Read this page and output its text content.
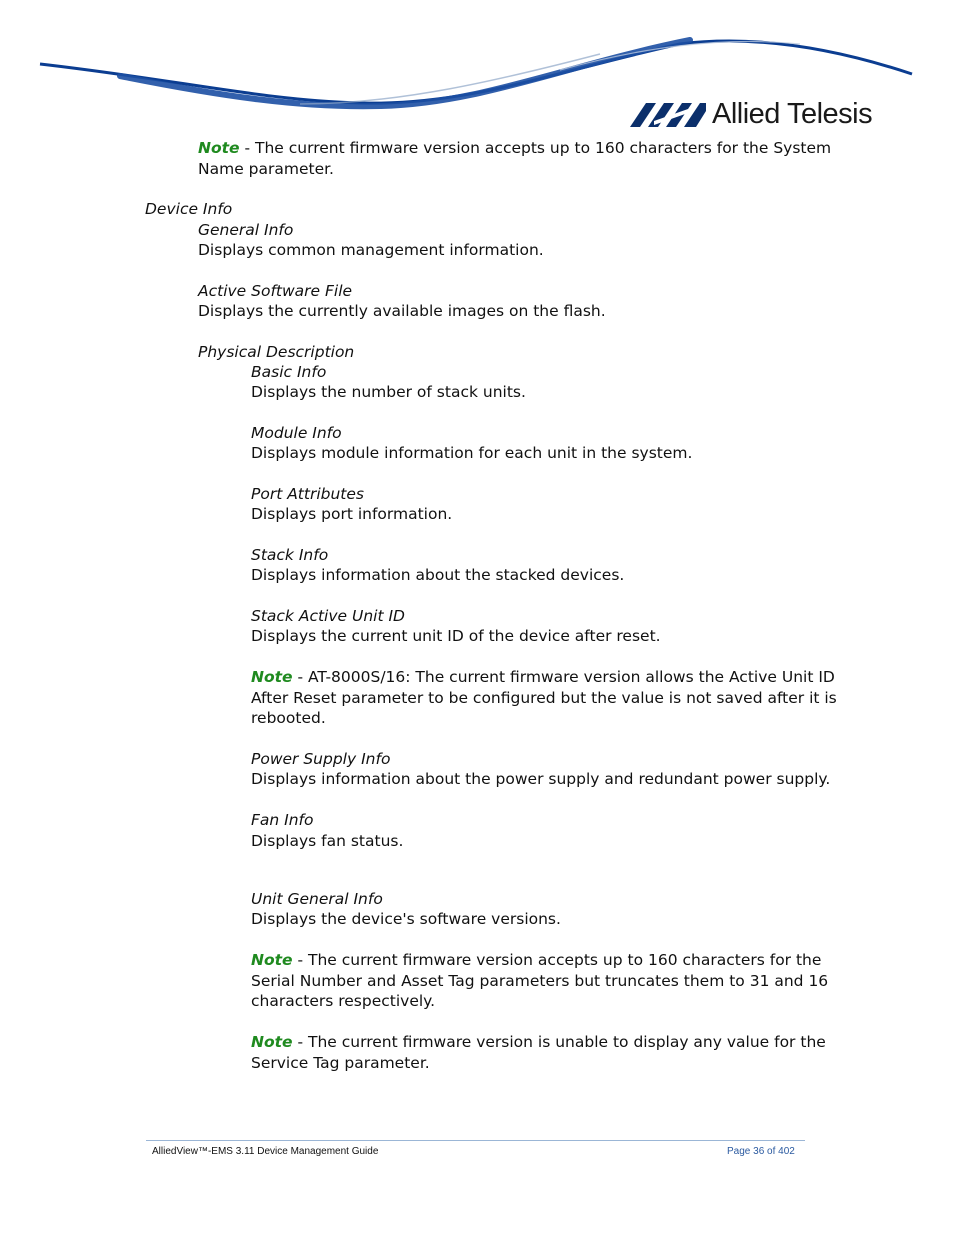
Allied Telesis
Note - The current firmware version accepts up to 160 characters for the System
Name parameter.
Device Info
General Info
Displays common management information.
Active Software File
Displays the currently available images on the flash.
Physical Description
Basic Info
Displays the number of stack units.
Module Info
Displays module information for each unit in the system.
Port Attributes
Displays port information.
Stack Info
Displays information about the stacked devices.
Stack Active Unit ID
Displays the current unit ID of the device after reset.
Note - AT-8000S/16: The current firmware version allows the Active Unit ID
After Reset parameter to be configured but the value is not saved after it is
rebooted.
Power Supply Info
Displays information about the power supply and redundant power supply.
Fan Info
Displays fan status.
Unit General Info
Displays the device's software versions.
Note - The current firmware version accepts up to 160 characters for the
Serial Number and Asset Tag parameters but truncates them to 31 and 16
characters respectively.
Note - The current firmware version is unable to display any value for the
Service Tag parameter.
AlliedView™-EMS 3.11 Device Management Guide	Page 36 of 402
